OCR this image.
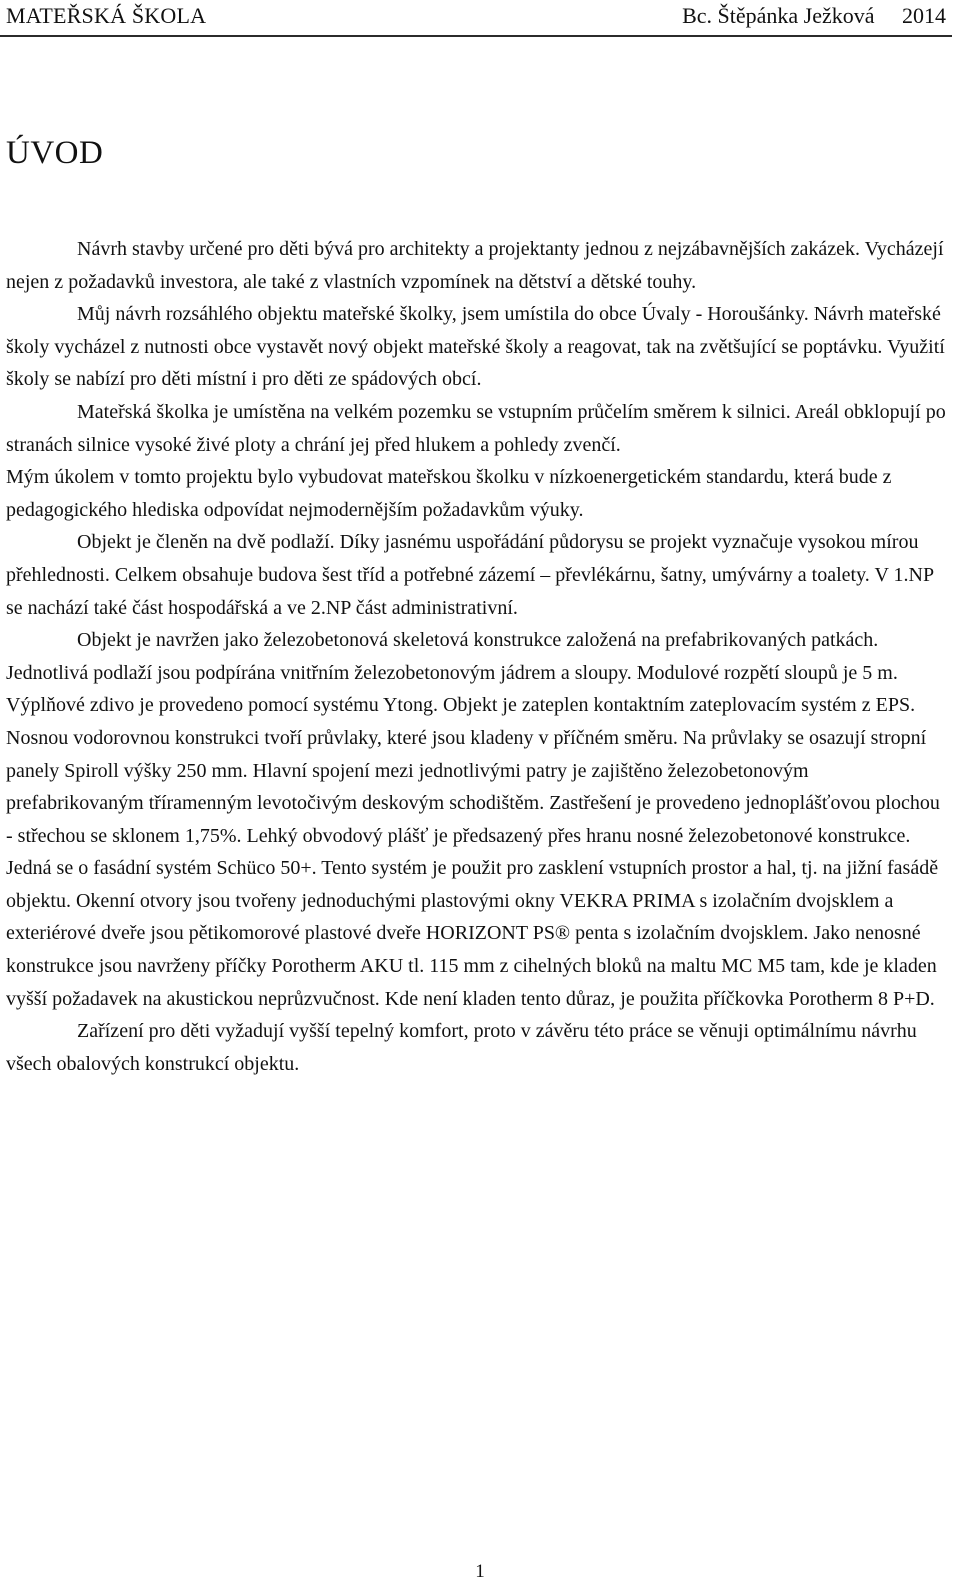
MATEŘSKÁ ŠKOLA	Bc. Štěpánka Ježková 2014
ÚVOD

Návrh stavby určené pro děti bývá pro architekty a projektanty jednou z nejzábavnějších zakázek. Vycházejí nejen z požadavků investora, ale také z vlastních vzpomínek na dětství a dětské touhy.

Můj návrh rozsáhlého objektu mateřské školky, jsem umístila do obce Úvaly - Horoušánky. Návrh mateřské školy vycházel z nutnosti obce vystavět nový objekt mateřské školy a reagovat, tak na zvětšující se poptávku. Využití školy se nabízí pro děti místní i pro děti ze spádových obcí.

Mateřská školka je umístěna na velkém pozemku se vstupním průčelím směrem k silnici. Areál obklopují po stranách silnice vysoké živé ploty a chrání jej před hlukem a pohledy zvenčí.

Mým úkolem v tomto projektu bylo vybudovat mateřskou školku v nízkoenergetickém standardu, která bude z pedagogického hlediska odpovídat nejmodernějším požadavkům výuky.

Objekt je členěn na dvě podlaží. Díky jasnému uspořádání půdorysu se projekt vyznačuje vysokou mírou přehlednosti. Celkem obsahuje budova šest tříd a potřebné zázemí – převlékárnu, šatny, umývárny a toalety. V 1.NP se nachází také část hospodářská a ve 2.NP část administrativní.

Objekt je navržen jako železobetonová skeletová konstrukce založená na prefabrikovaných patkách. Jednotlivá podlaží jsou podpírána vnitřním železobetonovým jádrem a sloupy. Modulové rozpětí sloupů je 5 m. Výplňové zdivo je provedeno pomocí systému Ytong. Objekt je zateplen kontaktním zateplovacím systém z EPS. Nosnou vodorovnou konstrukci tvoří průvlaky, které jsou kladeny v příčném směru. Na průvlaky se osazují stropní panely Spiroll výšky 250 mm. Hlavní spojení mezi jednotlivými patry je zajištěno železobetonovým prefabrikovaným tříramenným levotočivým deskovým schodištěm. Zastřešení je provedeno jednoplášťovou plochou - střechou se sklonem 1,75%. Lehký obvodový plášť je předsazený přes hranu nosné železobetonové konstrukce. Jedná se o fasádní systém Schüco 50+. Tento systém je použit pro zasklení vstupních prostor a hal, tj. na jižní fasádě objektu. Okenní otvory jsou tvořeny jednoduchými plastovými okny VEKRA PRIMA s izolačním dvojsklem a exteriérové dveře jsou pětikomorové plastové dveře HORIZONT PS® penta s izolačním dvojsklem. Jako nenosné konstrukce jsou navrženy příčky Porotherm AKU tl. 115 mm z cihelných bloků na maltu MC M5 tam, kde je kladen vyšší požadavek na akustickou neprůzvučnost. Kde není kladen tento důraz, je použita příčkovka Porotherm 8 P+D.

Zařízení pro děti vyžadují vyšší tepelný komfort, proto v závěru této práce se věnuji optimálnímu návrhu všech obalových konstrukcí objektu.

1
